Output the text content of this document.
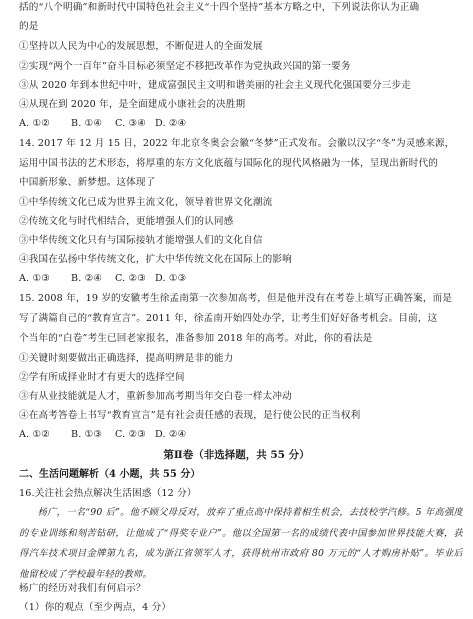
括的“八个明确”和新时代中国特色社会主义“十四个坚持”基本方略之中，下列说法你认为正确
的是
①坚持以人民为中心的发展思想，不断促进人的全面发展
②实现“两个一百年”奋斗目标必须坚定不移把改革作为党执政兴国的第一要务
③从 2020 年到本世纪中叶，建成富强民主文明和谐美丽的社会主义现代化强国要分三步走
④从现在到 2020 年，是全面建成小康社会的决胜期
A. ①② B. ①④ C. ③④ D. ②④
14. 2017 年 12 月 15 日，2022 年北京冬奥会会徽“冬梦”正式发布。会徽以汉字“冬”为灵感来源，
运用中国书法的艺术形态，将厚重的东方文化底蕴与国际化的现代风格融为一体，呈现出新时代的
中国新形象、新梦想。这体现了
①中华传统文化已成为世界主流文化，领导着世界文化潮流
②传统文化与时代相结合，更能增强人们的认同感
③中华传统文化只有与国际接轨才能增强人们的文化自信
④我国在弘扬中华传统文化，扩大中华传统文化在国际上的影响
A. ①③ B. ②④ C. ②③ D. ①③
15. 2008 年，19 岁的安徽考生徐孟南第一次参加高考，但是他并没有在考卷上填写正确答案，而是
写了满篇自己的“教育宣言”。2011 年，徐孟南开始四处办学，让考生们好好备考机会。目前，这
个当年的“白卷”考生已回老家报名，准备参加 2018 年的高考。对此，你的看法是
①关键时刻要做出正确选择，提高明辨是非的能力
②学有所成择业时才有更大的选择空间
③有从业技能就是人才，重新参加高考期当年交白卷一样太冲动
④在高考答卷上书写“教育宣言”是有社会责任感的表现，是行使公民的正当权利
A. ①② B. ①③ C. ②③ D. ②④
第Ⅱ卷（非选择题，共 55 分）
二、生活问题解析（4 小题，共 55 分）
16.关注社会热点解决生活困惑（12 分）
杨广，一名“90 后”。他不顾父母反对，放弃了重点高中保持着相生机会，去技校学汽修。5 年高强度的专业训练和刻苦钻研，让他成了“得奖专业户”。他以全国第一名的成绩代表中国参加世界技能大赛，获得汽车技术项目金牌第九名，成为浙江省领军人才，获得杭州市政府 80 万元的“人才购房补贴”。毕业后他留校成了学校最年轻的教师。
杨广的经历对我们有何启示？
（1）你的观点（至少两点，4 分）
